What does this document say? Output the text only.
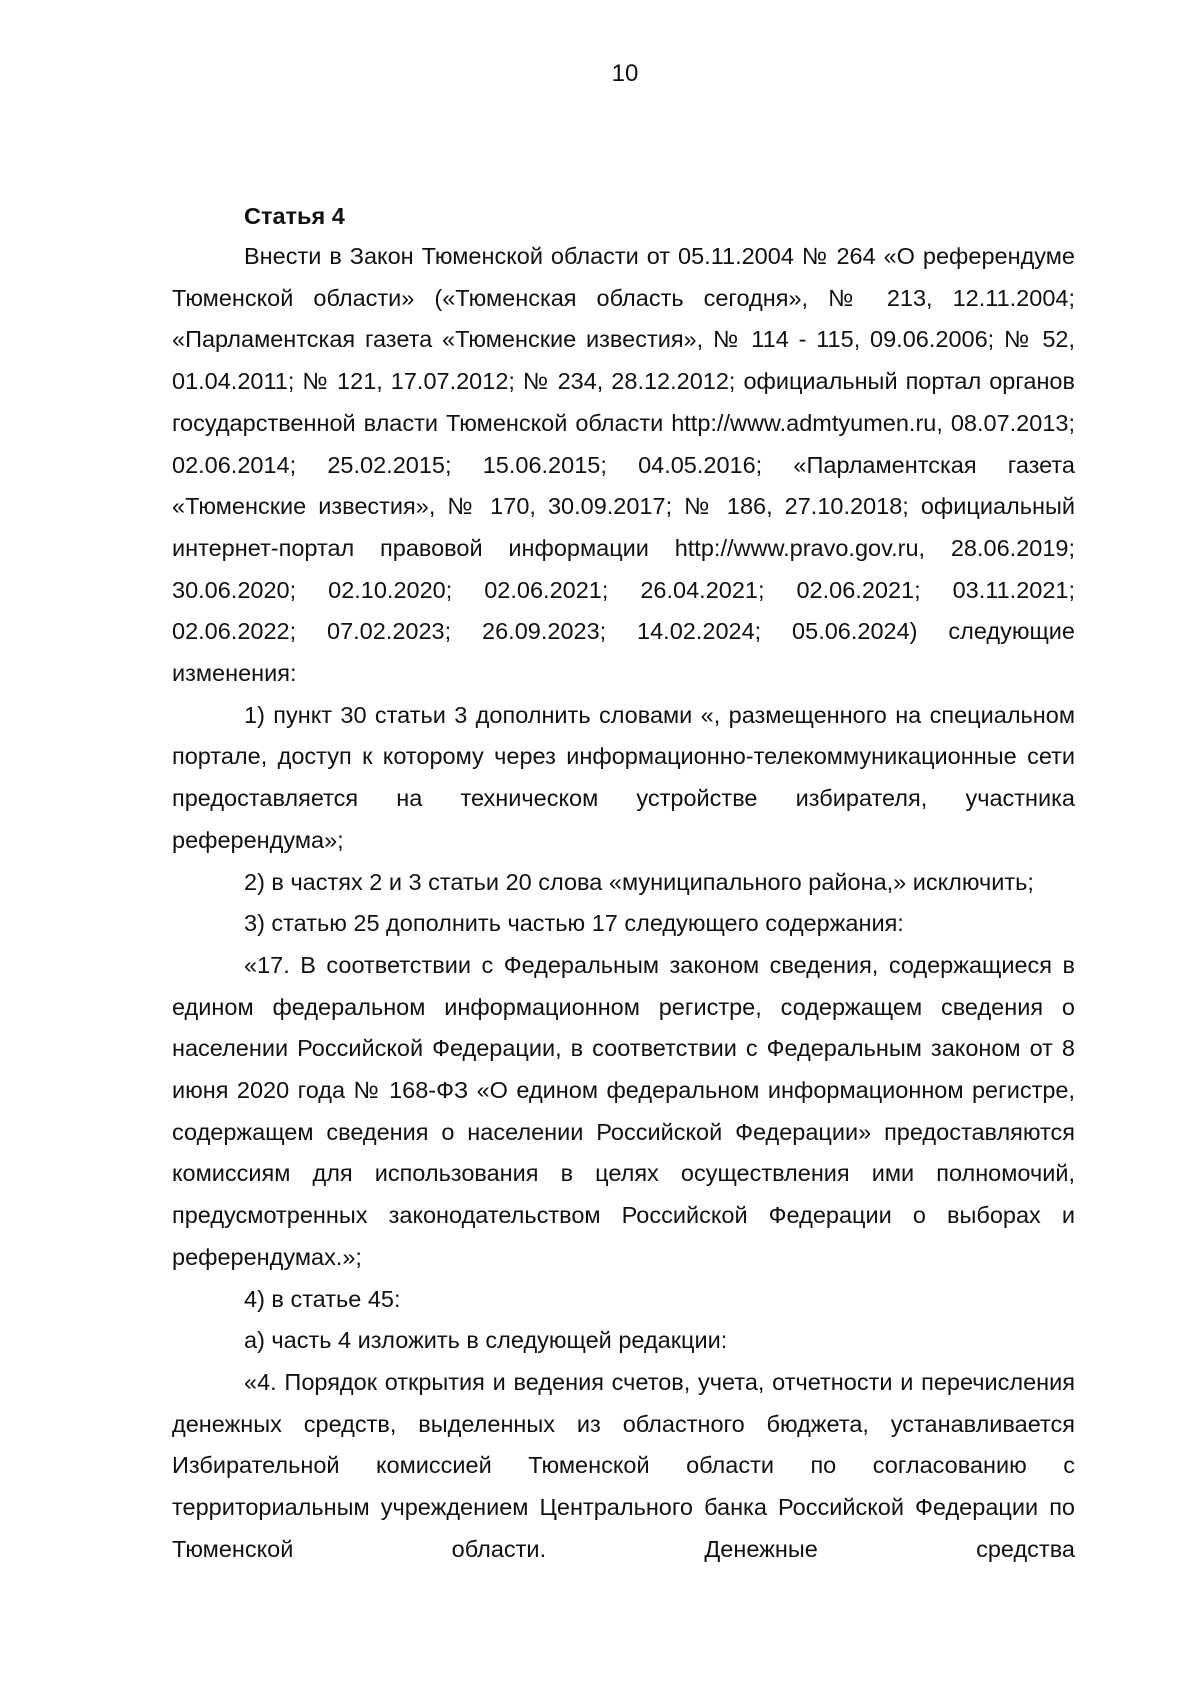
10
Статья 4

Внести в Закон Тюменской области от 05.11.2004 № 264 «О референдуме Тюменской области» («Тюменская область сегодня», № 213, 12.11.2004; «Парламентская газета «Тюменские известия», № 114 - 115, 09.06.2006; № 52, 01.04.2011; № 121, 17.07.2012; № 234, 28.12.2012; официальный портал органов государственной власти Тюменской области http://www.admtyumen.ru, 08.07.2013; 02.06.2014; 25.02.2015; 15.06.2015; 04.05.2016; «Парламентская газета «Тюменские известия», № 170, 30.09.2017; № 186, 27.10.2018; официальный интернет-портал правовой информации http://www.pravo.gov.ru, 28.06.2019; 30.06.2020; 02.10.2020; 02.06.2021; 26.04.2021; 02.06.2021; 03.11.2021; 02.06.2022; 07.02.2023; 26.09.2023; 14.02.2024; 05.06.2024) следующие изменения:

1) пункт 30 статьи 3 дополнить словами «, размещенного на специальном портале, доступ к которому через информационно-телекоммуникационные сети предоставляется на техническом устройстве избирателя, участника референдума»;

2) в частях 2 и 3 статьи 20 слова «муниципального района,» исключить;

3) статью 25 дополнить частью 17 следующего содержания:

«17. В соответствии с Федеральным законом сведения, содержащиеся в едином федеральном информационном регистре, содержащем сведения о населении Российской Федерации, в соответствии с Федеральным законом от 8 июня 2020 года № 168-ФЗ «О едином федеральном информационном регистре, содержащем сведения о населении Российской Федерации» предоставляются комиссиям для использования в целях осуществления ими полномочий, предусмотренных законодательством Российской Федерации о выборах и референдумах.»;

4) в статье 45:

а) часть 4 изложить в следующей редакции:

«4. Порядок открытия и ведения счетов, учета, отчетности и перечисления денежных средств, выделенных из областного бюджета, устанавливается Избирательной комиссией Тюменской области по согласованию с территориальным учреждением Центрального банка Российской Федерации по Тюменской области. Денежные средства
